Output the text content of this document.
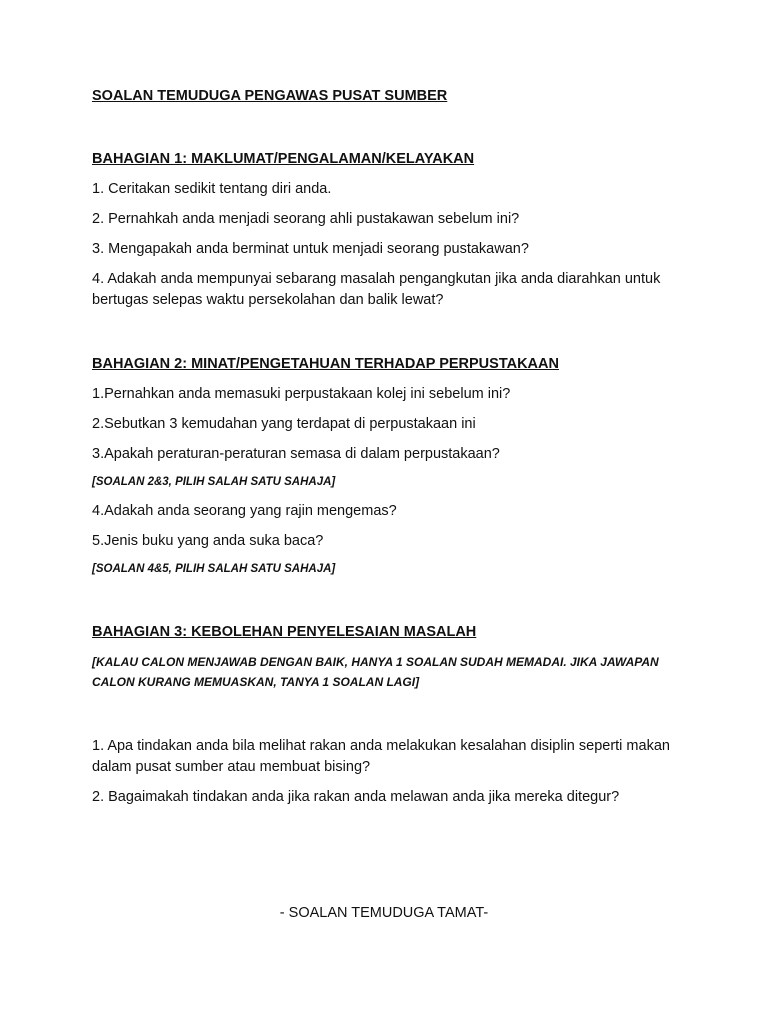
SOALAN TEMUDUGA PENGAWAS PUSAT SUMBER
BAHAGIAN 1: MAKLUMAT/PENGALAMAN/KELAYAKAN

1. Ceritakan sedikit tentang diri anda.

2. Pernahkah anda menjadi seorang ahli pustakawan sebelum ini?

3. Mengapakah anda berminat untuk menjadi seorang pustakawan?

4. Adakah anda mempunyai sebarang masalah pengangkutan jika anda diarahkan untuk bertugas selepas waktu persekolahan dan balik lewat?

BAHAGIAN 2: MINAT/PENGETAHUAN TERHADAP PERPUSTAKAAN

1.Pernahkan anda memasuki perpustakaan kolej ini sebelum ini?

2.Sebutkan 3 kemudahan yang terdapat di perpustakaan ini

3.Apakah peraturan-peraturan semasa di dalam perpustakaan?

[SOALAN 2&3, PILIH SALAH SATU SAHAJA]

4.Adakah anda seorang yang rajin mengemas?

5.Jenis buku yang anda suka baca?

[SOALAN 4&5, PILIH SALAH SATU SAHAJA]

BAHAGIAN 3: KEBOLEHAN PENYELESAIAN MASALAH

[KALAU CALON MENJAWAB DENGAN BAIK, HANYA 1 SOALAN SUDAH MEMADAI. JIKA JAWAPAN CALON KURANG MEMUASKAN, TANYA 1 SOALAN LAGI]

1. Apa tindakan anda bila melihat rakan anda melakukan kesalahan disiplin seperti makan dalam pusat sumber atau membuat bising?

2. Bagaimakah tindakan anda jika rakan anda melawan anda jika mereka ditegur?

- SOALAN TEMUDUGA TAMAT-
